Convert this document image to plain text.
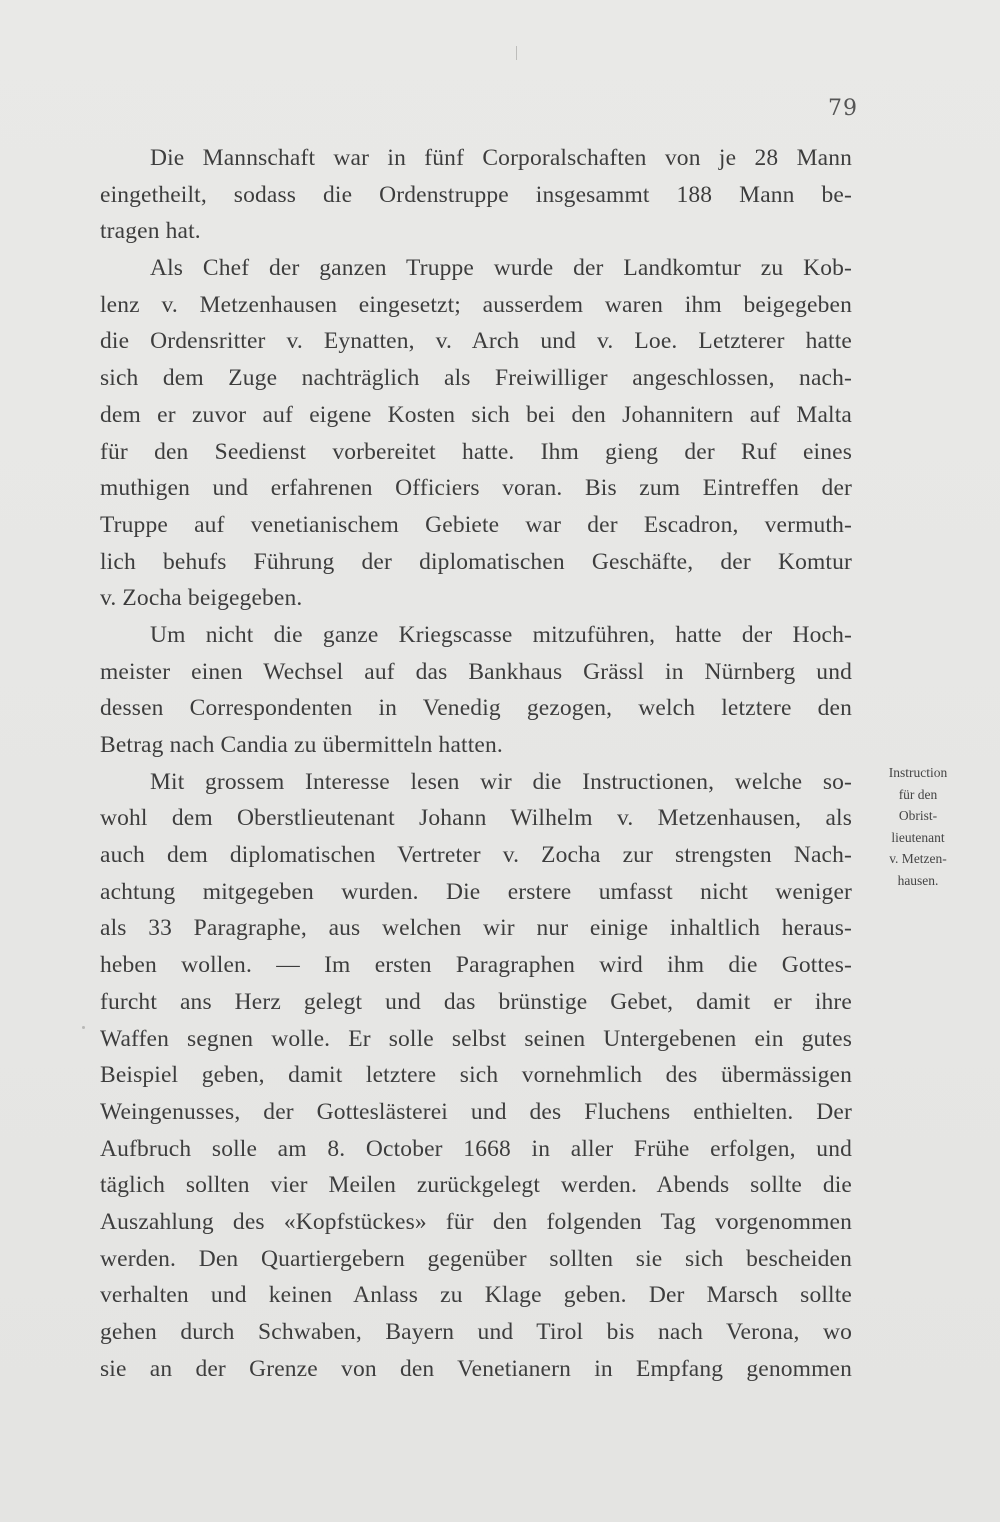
79
Die Mannschaft war in fünf Corporalschaften von je 28 Mann
eingetheilt, sodass die Ordenstruppe insgesammt 188 Mann be-
tragen hat.
Als Chef der ganzen Truppe wurde der Landkomtur zu Kob-
lenz v. Metzenhausen eingesetzt; ausserdem waren ihm beigegeben
die Ordensritter v. Eynatten, v. Arch und v. Loe. Letzterer hatte
sich dem Zuge nachträglich als Freiwilliger angeschlossen, nach-
dem er zuvor auf eigene Kosten sich bei den Johannitern auf Malta
für den Seedienst vorbereitet hatte. Ihm gieng der Ruf eines
muthigen und erfahrenen Officiers voran. Bis zum Eintreffen der
Truppe auf venetianischem Gebiete war der Escadron, vermuth-
lich behufs Führung der diplomatischen Geschäfte, der Komtur
v. Zocha beigegeben.
Um nicht die ganze Kriegscasse mitzuführen, hatte der Hoch-
meister einen Wechsel auf das Bankhaus Grässl in Nürnberg und
dessen Correspondenten in Venedig gezogen, welch letztere den
Betrag nach Candia zu übermitteln hatten.
Mit grossem Interesse lesen wir die Instructionen, welche so-
wohl dem Oberstlieutenant Johann Wilhelm v. Metzenhausen, als
auch dem diplomatischen Vertreter v. Zocha zur strengsten Nach-
achtung mitgegeben wurden. Die erstere umfasst nicht weniger
als 33 Paragraphe, aus welchen wir nur einige inhaltlich heraus-
heben wollen. — Im ersten Paragraphen wird ihm die Gottes-
furcht ans Herz gelegt und das brünstige Gebet, damit er ihre
Waffen segnen wolle. Er solle selbst seinen Untergebenen ein gutes
Beispiel geben, damit letztere sich vornehmlich des übermässigen
Weingenusses, der Gotteslästerei und des Fluchens enthielten. Der
Aufbruch solle am 8. October 1668 in aller Frühe erfolgen, und
täglich sollten vier Meilen zurückgelegt werden. Abends sollte die
Auszahlung des «Kopfstückes» für den folgenden Tag vorgenommen
werden. Den Quartiergebern gegenüber sollten sie sich bescheiden
verhalten und keinen Anlass zu Klage geben. Der Marsch sollte
gehen durch Schwaben, Bayern und Tirol bis nach Verona, wo
sie an der Grenze von den Venetianern in Empfang genommen
Instruction
für den
Obrist-
lieutenant
v. Metzen-
hausen.
